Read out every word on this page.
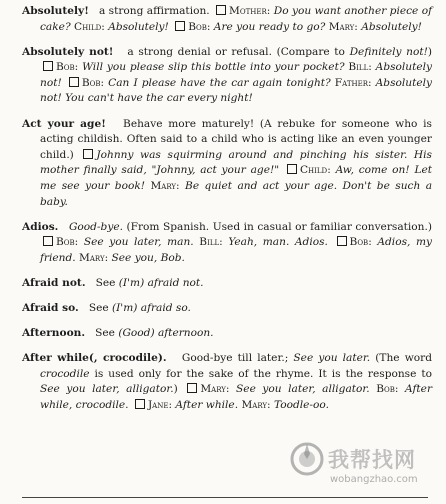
Absolutely!   a strong affirmation. Mother: Do you want another piece of cake? Child: Absolutely! Bob: Are you ready to go? Mary: Absolutely!

Absolutely not!   a strong denial or refusal. (Compare to Definitely not!) Bob: Will you please slip this bottle into your pocket? Bill: Absolutely not! Bob: Can I please have the car again tonight? Father: Absolutely not! You can't have the car every night!

Act your age!   Behave more maturely! (A rebuke for someone who is acting childish. Often said to a child who is acting like an even younger child.) Johnny was squirming around and pinching his sister. His mother finally said, "Johnny, act your age!" Child: Aw, come on! Let me see your book! Mary: Be quiet and act your age. Don't be such a baby.

Adios. Good-bye. (From Spanish. Used in casual or familiar conversation.) Bob: See you later, man. Bill: Yeah, man. Adios. Bob: Adios, my friend. Mary: See you, Bob.

Afraid not.   See (I'm) afraid not.

Afraid so.   See (I'm) afraid so.

Afternoon.   See (Good) afternoon.

After while(, crocodile).   Good-bye till later.; See you later. (The word crocodile is used only for the sake of the rhyme. It is the response to See you later, alligator.) Mary: See you later, alligator. Bob: After while, crocodile. Jane: After while. Mary: Toodle-oo.

我帮找网
wobangzhao.com
